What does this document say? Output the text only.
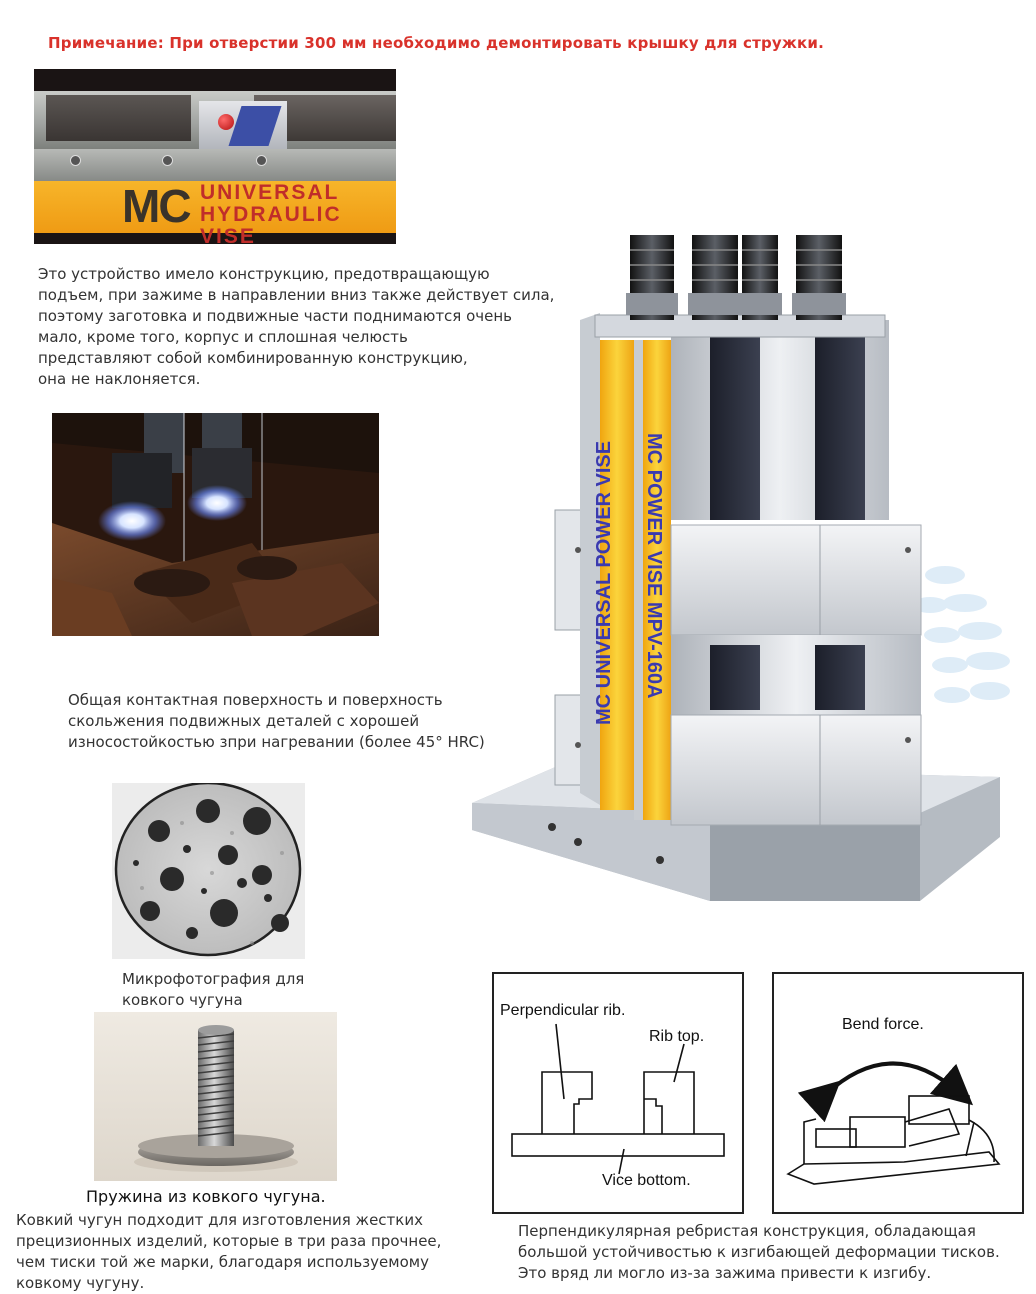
Примечание: При отверстии 300 мм необходимо демонтировать крышку для стружки.
MC UNIVERSAL
HYDRAULIC VISE
Это устройство имело конструкцию, предотвращающую
подъем, при зажиме в направлении вниз также действует сила,
поэтому заготовка и подвижные части поднимаются очень
мало, кроме того, корпус и сплошная челюсть
представляют собой комбинированную конструкцию,
она не наклоняется.
Общая контактная поверхность и поверхность
скольжения подвижных деталей с хорошей
износостойкостью зпри нагревании (более 45° HRC)
Микрофотография для
ковкого чугуна
Пружина из ковкого чугуна.
Ковкий чугун подходит для изготовления жестких
прецизионных изделий, которые в три раза прочнее,
чем тиски той же марки, благодаря используемому
ковкому чугуну.
MC UNIVERSAL POWER VISE MC POWER VISE MPV-160A
Perpendicular rib.
Rib top.
Vice bottom.
Bend force.
Перпендикулярная ребристая конструкция, обладающая
большой устойчивостью к изгибающей деформации тисков.
Это вряд ли могло из-за зажима привести к изгибу.
